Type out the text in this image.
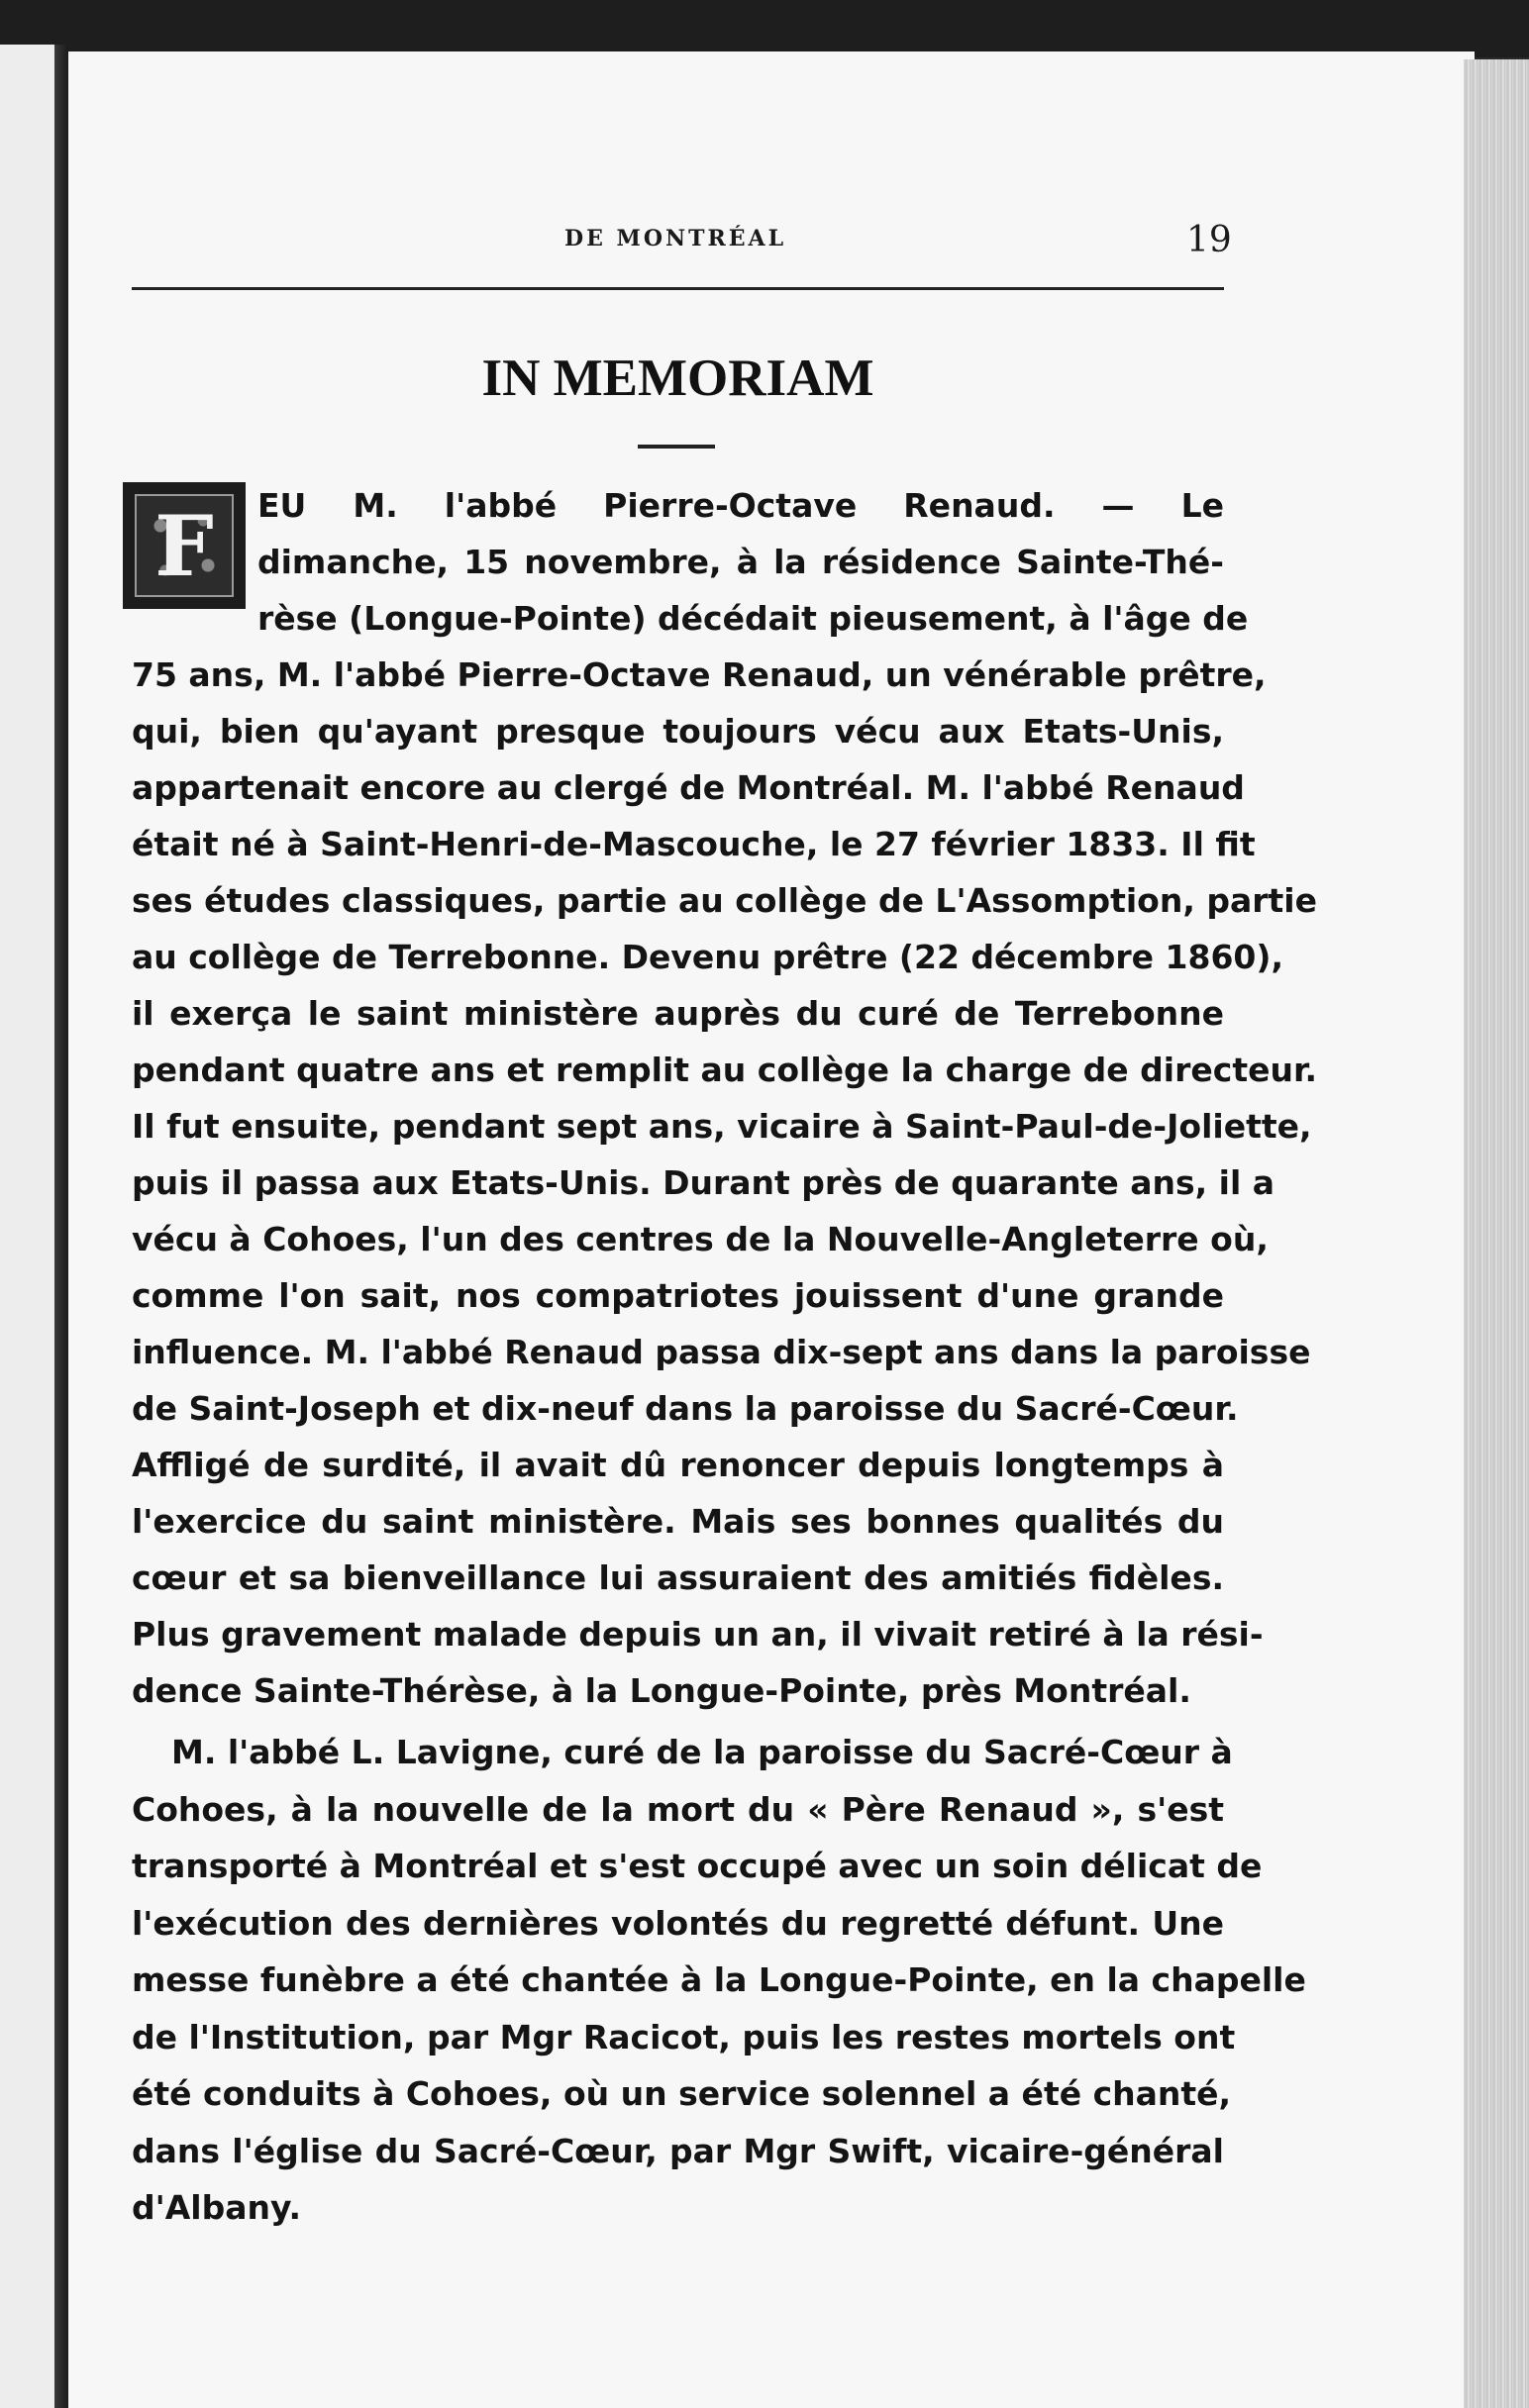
DE MONTRÉAL	19
IN MEMORIAM
F	EU M. l'abbé Pierre-Octave Renaud. — Le
dimanche, 15 novembre, à la résidence Sainte-Thé-
rèse (Longue-Pointe) décédait pieusement, à l'âge de
75 ans, M. l'abbé Pierre-Octave Renaud, un vénérable prêtre,
qui, bien qu'ayant presque toujours vécu aux Etats-Unis,
appartenait encore au clergé de Montréal. M. l'abbé Renaud
était né à Saint-Henri-de-Mascouche, le 27 février 1833. Il fit
ses études classiques, partie au collège de L'Assomption, partie
au collège de Terrebonne. Devenu prêtre (22 décembre 1860),
il exerça le saint ministère auprès du curé de Terrebonne
pendant quatre ans et remplit au collège la charge de directeur.
Il fut ensuite, pendant sept ans, vicaire à Saint-Paul-de-Joliette,
puis il passa aux Etats-Unis. Durant près de quarante ans, il a
vécu à Cohoes, l'un des centres de la Nouvelle-Angleterre où,
comme l'on sait, nos compatriotes jouissent d'une grande
influence. M. l'abbé Renaud passa dix-sept ans dans la paroisse
de Saint-Joseph et dix-neuf dans la paroisse du Sacré-Cœur.
Affligé de surdité, il avait dû renoncer depuis longtemps à
l'exercice du saint ministère. Mais ses bonnes qualités du
cœur et sa bienveillance lui assuraient des amitiés fidèles.
Plus gravement malade depuis un an, il vivait retiré à la rési-
dence Sainte-Thérèse, à la Longue-Pointe, près Montréal.
M. l'abbé L. Lavigne, curé de la paroisse du Sacré-Cœur à
Cohoes, à la nouvelle de la mort du « Père Renaud », s'est
transporté à Montréal et s'est occupé avec un soin délicat de
l'exécution des dernières volontés du regretté défunt. Une
messe funèbre a été chantée à la Longue-Pointe, en la chapelle
de l'Institution, par Mgr Racicot, puis les restes mortels ont
été conduits à Cohoes, où un service solennel a été chanté,
dans l'église du Sacré-Cœur, par Mgr Swift, vicaire-général
d'Albany.
